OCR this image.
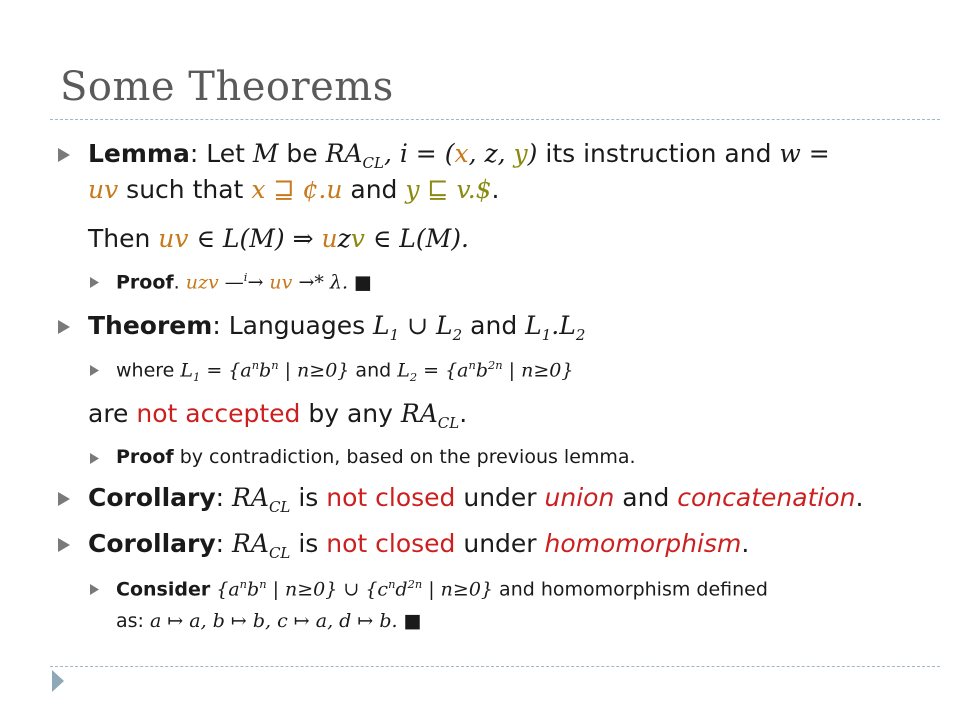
Some Theorems
Lemma: Let M be $RA_{CL}$, i = (x, z, y) its instruction and w =
uv such that x ⊒ ¢.u and y ⊑ v.$.
Then uv ∈ L(M) ⇒ uzv ∈ L(M).
Proof. uzv —$^i$→ uv →* λ. ■
Theorem: Languages $L_1$ ∪ $L_2$ and $L_1.L_2$
where $L_1 = \{a^nb^n$ | n≥0} and $L_2 = \{a^nb^{2n}$ | n≥0}
are not accepted by any $RA_{CL}$.
Proof by contradiction, based on the previous lemma.
Corollary: $RA_{CL}$ is not closed under union and concatenation.
Corollary: $RA_{CL}$ is not closed under homomorphism.
Consider {$a^nb^n$ | n≥0} ∪ {$c^nd^{2n}$ | n≥0} and homomorphism defined
as: a ↦ a, b ↦ b, c ↦ a, d ↦ b. ■
